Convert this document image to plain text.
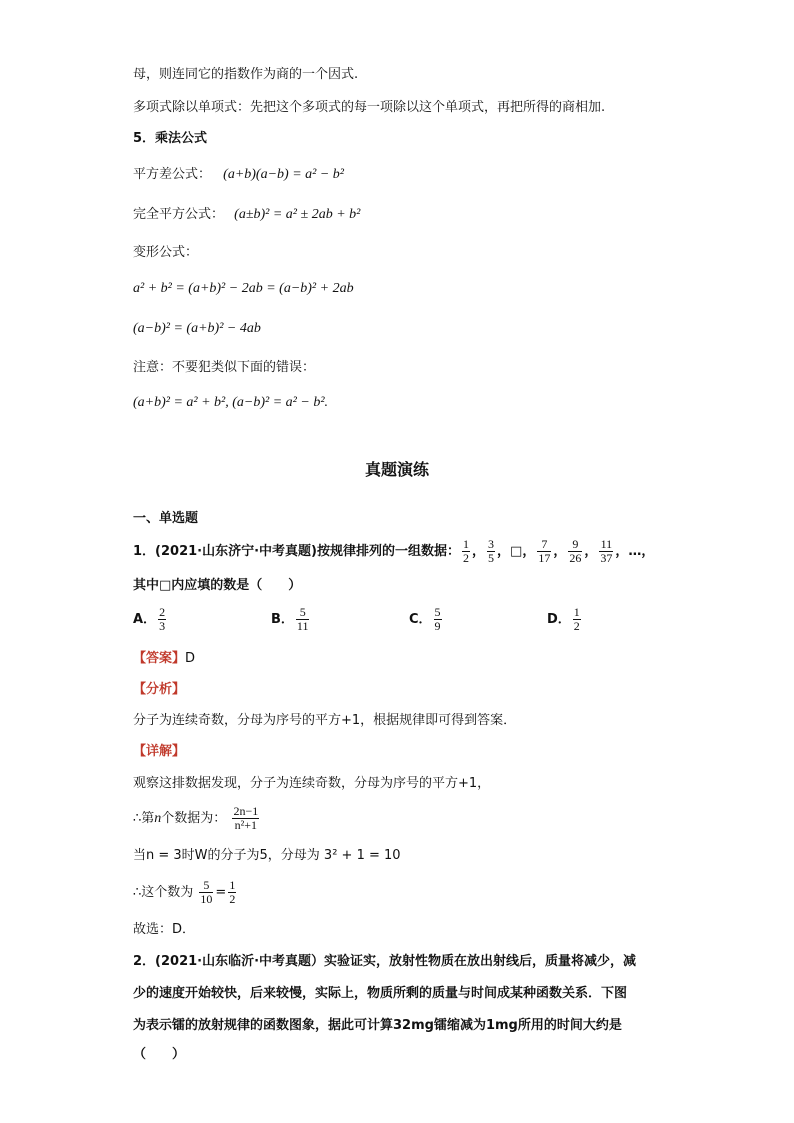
母，则连同它的指数作为商的一个因式.
多项式除以单项式：先把这个多项式的每一项除以这个单项式，再把所得的商相加.
5．乘法公式
平方差公式： (a+b)(a−b) = a² − b²
完全平方公式： (a±b)² = a² ± 2ab + b²
变形公式：
a² + b² = (a+b)² − 2ab = (a−b)² + 2ab
(a−b)² = (a+b)² − 4ab
注意：不要犯类似下面的错误：
(a+b)² = a² + b², (a−b)² = a² − b².
真题演练
一、单选题
1．(2021·山东济宁·中考真题)按规律排列的一组数据： $\frac{1}{2}$ ， $\frac{3}{5}$ ，□， $\frac{7}{17}$ ， $\frac{9}{26}$ ， $\frac{11}{37}$ ，…，
其中□内应填的数是（　　）
A． $\frac{2}{3}$	B． $\frac{5}{11}$	C． $\frac{5}{9}$	D． $\frac{1}{2}$
【答案】D
【分析】
分子为连续奇数，分母为序号的平方+1，根据规律即可得到答案．
【详解】
观察这排数据发现，分子为连续奇数，分母为序号的平方+1，
∴第n个数据为： $\frac{2n-1}{\text{n²+1}}$
当n = 3时W的分子为5，分母为 3² + 1 = 10
∴这个数为 $\frac{5}{10} = \frac{1}{2}$
故选：D．
2．(2021·山东临沂·中考真题）实验证实，放射性物质在放出射线后，质量将减少，减
少的速度开始较快，后来较慢，实际上，物质所剩的质量与时间成某种函数关系．下图
为表示镭的放射规律的函数图象，据此可计算32mg镭缩减为1mg所用的时间大约是
（　　）
